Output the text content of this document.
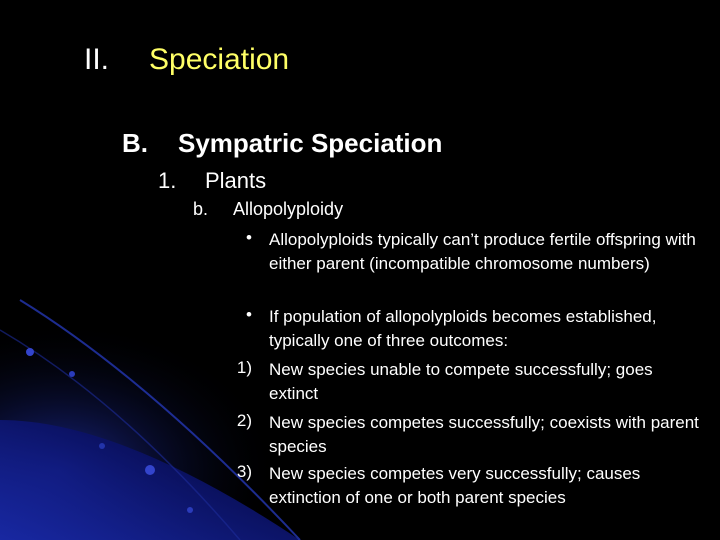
II. Speciation
B. Sympatric Speciation
1. Plants
b. Allopolyploidy
• Allopolyploids typically can’t produce fertile offspring with either parent (incompatible chromosome numbers)
• If population of allopolyploids becomes established, typically one of three outcomes:
1) New species unable to compete successfully; goes extinct
2) New species competes successfully; coexists with parent species
3) New species competes very successfully; causes extinction of one or both parent species
